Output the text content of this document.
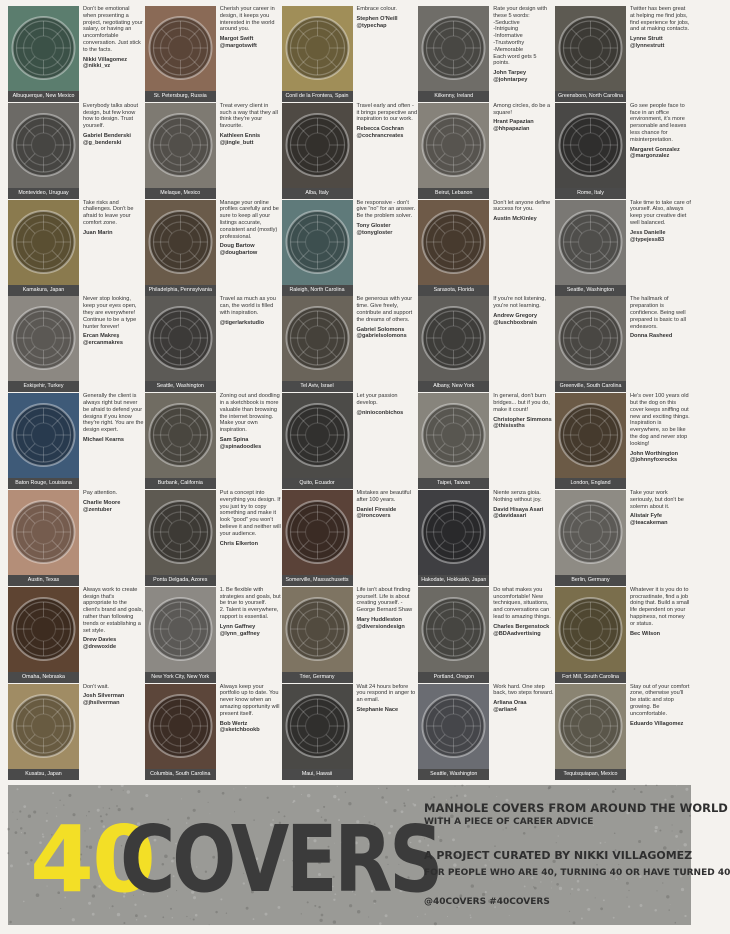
Albuquerque, New Mexico

Don't be emotional when presenting a project, negotiating your salary, or having an uncomfortable conversation. Just stick to the facts.

Nikki Villagomez

@nikki_vz

St. Petersburg, Russia

Cherish your career in design, it keeps you interested in the world around you.

Margot Swift

@margotswift

Conil de la Frontera, Spain

Embrace colour.

Stephen O'Neill

@typechap

Kilkenny, Ireland

Rate your design with these 5 words:
-Seductive
-Intriguing
-Informative
-Trustworthy
-Memorable
Each word gets 5 points.

John Tarpey

@johntarpey

Greensboro, North Carolina

Twitter has been great at helping me find jobs, find experience for jobs, and at making contacts.

Lynne Strutt

@lynnestrutt

Montevideo, Uruguay

Everybody talks about design, but few know how to design. Trust yourself.

Gabriel Benderski

@g_benderski

Melaque, Mexico

Treat every client in such a way that they all think they're your favourite.

Kathleen Ennis

@jingle_butt

Alba, Italy

Travel early and often - it brings perspective and inspiration to our work.

Rebecca Cochran

@cochrancreates

Beirut, Lebanon

Among circles, do be a square!

Hrant Papazian

@hhpapazian

Rome, Italy

Go see people face to face in an office environment, it's more personable and leaves less chance for misinterpretation.

Margaret Gonzalez

@margonzalez

Kamakura, Japan

Take risks and challenges. Don't be afraid to leave your comfort zone.

Juan Marin

Philadelphia, Pennsylvania

Manage your online profiles carefully and be sure to keep all your listings accurate, consistent and (mostly) professional.

Doug Bartow

@dougbartow

Raleigh, North Carolina

Be responsive - don't give "no" for an answer. Be the problem solver.

Tony Gloster

@tonygloster

Sarasota, Florida

Don't let anyone define success for you.

Austin McKinley

Seattle, Washington

Take time to take care of yourself. Also, always keep your creative diet well balanced.

Jess Danielle

@typejess83

Eskişehir, Turkey

Never stop looking, keep your eyes open, they are everywhere! Continue to be a type hunter forever!

Ercan Makreş

@ercanmakres

Seattle, Washington

Travel as much as you can, the world is filled with inspiration.

@tigerlarkstudio

Tel Aviv, Israel

Be generous with your time. Give freely, contribute and support the dreams of others.

Gabriel Solomons

@gabrielsolomons

Albany, New York

If you're not listening, you're not learning.

Andrew Gregory

@luschboxbrain

Greenville, South Carolina

The hallmark of preparation is confidence. Being well prepared is basic to all endeavors.

Donna Rasheed

Baton Rouge, Louisiana

Generally the client is always right but never be afraid to defend your designs if you know they're right. You are the design expert.

Michael Kearns

Burbank, California

Zoning out and doodling in a sketchbook is more valuable than browsing the internet browsing. Make your own inspiration.

Sam Spina

@spinadoodles

Quito, Ecuador

Let your passion develop.

@ninioconbichos

Taipei, Taiwan

In general, don't burn bridges... but if you do, make it count!

Christopher Simmons

@thisissths

London, England

He's over 100 years old but the dog on this cover keeps sniffing out new and exciting things. Inspiration is everywhere, so be like the dog and never stop looking!

John Worthington

@johnnyfoxrocks

Austin, Texas

Pay attention.

Charlie Moore

@zentuber

Ponta Delgada, Azores

Put a concept into everything you design. If you just try to copy something and make it look "good" you won't believe it and neither will your audience.

Chris Elkerton

Somerville, Massachusetts

Mistakes are beautiful after 100 years.

Daniel Fireside

@ironcovers

Hakodate, Hokkaido, Japan

Niente senza gioia.
Nothing without joy.

David Hisaya Asari

@davidasari

Berlin, Germany

Take your work seriously, but don't be solemn about it.

Alistair Fyfe

@teacakeman

Omaha, Nebraska

Always work to create design that's appropriate to the client's brand and goals, rather than following trends or establishing a set style.

Drew Davies

@drewoxide

New York City, New York

1. Be flexible with strategies and goals, but be true to yourself.
2. Talent is everywhere, rapport is essential.

Lynn Gaffney

@lynn_gaffney

Trier, Germany

Life isn't about finding yourself. Life is about creating yourself. -George Bernard Shaw

Mary Huddleston

@diversiondesign

Portland, Oregon

Do what makes you uncomfortable! New techniques, situations, and conversations can lead to amazing things.

Charles Bergenstock

@BDAadvertising

Fort Mill, South Carolina

Whatever it is you do to procrastinate, find a job doing that. Build a small life dependent on your happiness, not money or status.

Bec Wilson

Kusatsu, Japan

Don't wait.

Josh Silverman

@jhsilverman

Columbia, South Carolina

Always keep your portfolio up to date. You never know when an amazing opportunity will present itself.

Bob Wertz

@sketchbookb

Maui, Hawaii

Wait 24 hours before you respond in anger to an email.

Stephanie Nace

Seattle, Washington

Work hard. One step back, two steps forward.

Arliana Oraa

@arlian4

Tequisquiapan, Mexico

Stay out of your comfort zone, otherwise you'll be static and stop growing. Be uncomfortable.

Eduardo Villagomez

40
COVERS
MANHOLE COVERS FROM AROUND THE WORLD
WITH A PIECE OF CAREER ADVICE
A PROJECT CURATED BY NIKKI VILLAGOMEZ
FOR PEOPLE WHO ARE 40, TURNING 40 OR HAVE TURNED 40
@40COVERS #40COVERS
